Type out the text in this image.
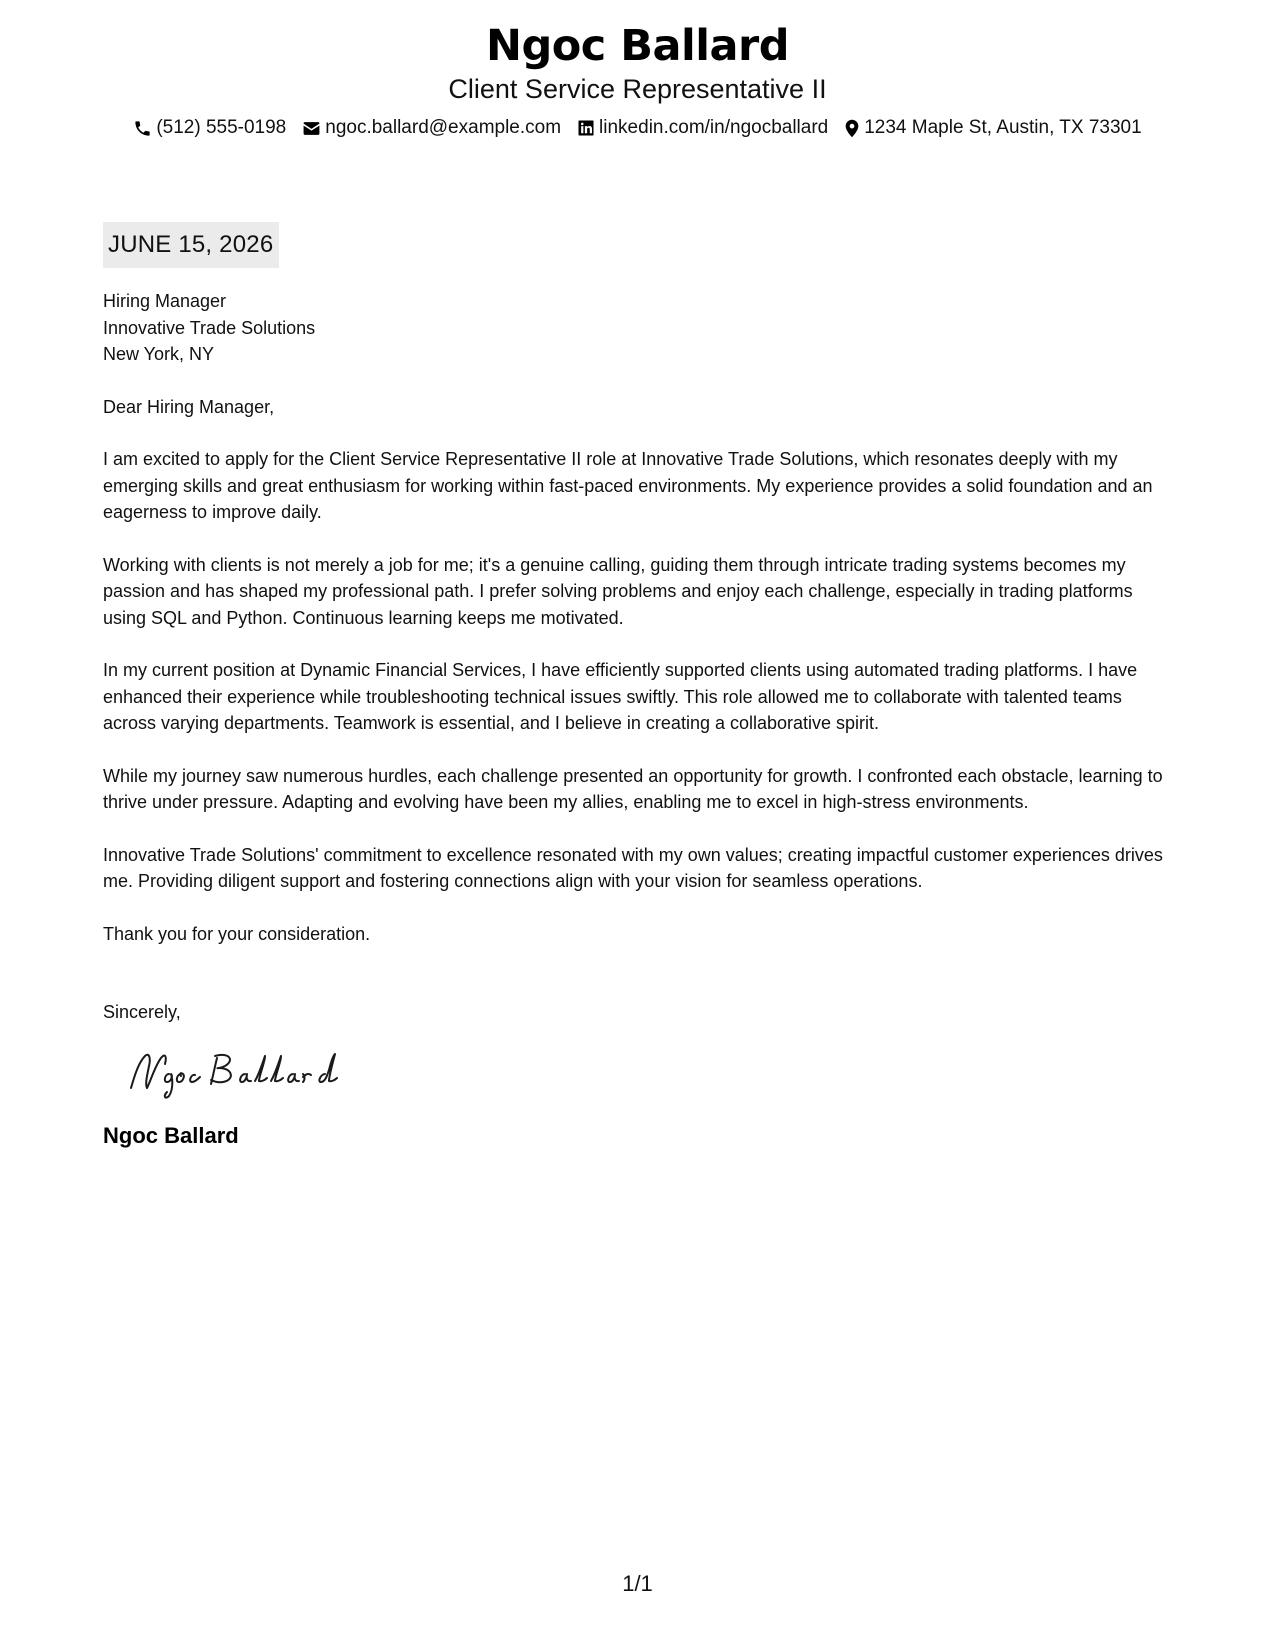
Ngoc Ballard
Client Service Representative II
(512) 555-0198 ngoc.ballard@example.com linkedin.com/in/ngocballard 1234 Maple St, Austin, TX 73301
JUNE 15, 2026
Hiring Manager
Innovative Trade Solutions
New York, NY

Dear Hiring Manager,

I am excited to apply for the Client Service Representative II role at Innovative Trade Solutions, which resonates deeply with my emerging skills and great enthusiasm for working within fast-paced environments. My experience provides a solid foundation and an eagerness to improve daily.

Working with clients is not merely a job for me; it's a genuine calling, guiding them through intricate trading systems becomes my passion and has shaped my professional path. I prefer solving problems and enjoy each challenge, especially in trading platforms using SQL and Python. Continuous learning keeps me motivated.

In my current position at Dynamic Financial Services, I have efficiently supported clients using automated trading platforms. I have enhanced their experience while troubleshooting technical issues swiftly. This role allowed me to collaborate with talented teams across varying departments. Teamwork is essential, and I believe in creating a collaborative spirit.

While my journey saw numerous hurdles, each challenge presented an opportunity for growth. I confronted each obstacle, learning to thrive under pressure. Adapting and evolving have been my allies, enabling me to excel in high-stress environments.

Innovative Trade Solutions' commitment to excellence resonated with my own values; creating impactful customer experiences drives me. Providing diligent support and fostering connections align with your vision for seamless operations.

Thank you for your consideration.

Sincerely,
Ngoc Ballard
1/1
